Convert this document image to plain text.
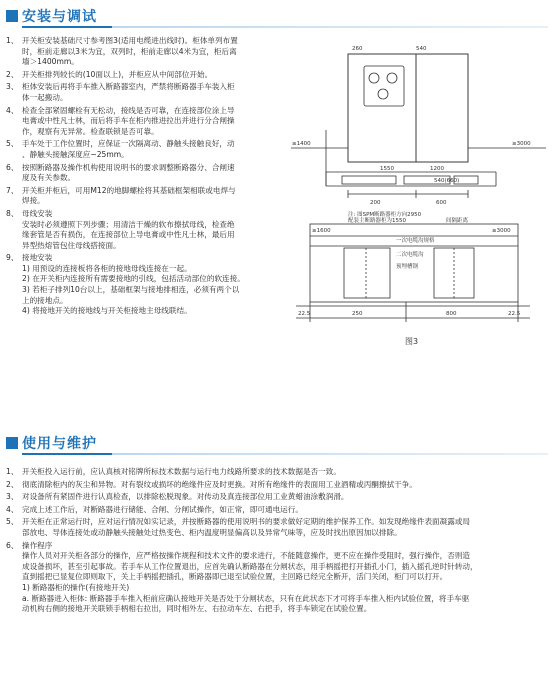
安装与调试
1、 开关柜安装基础尺寸参考图3(适用电缆进出线时)。柜体单列布置
时，柜前走廊以3米为宜，双列时，柜前走廊以4米为宜，柜后离
墙＞1400mm。
2、 开关柜排列较长的(10面以上)，并柜应从中间部位开始。
3、 柜体安装后再将手车推入断路器室内，严禁将断路器手车装入柜
体一起搬动。
4、 检查全部紧固螺栓有无松动，接线是否可靠，在连接部位涂上导
电膏或中性凡士林，而后将手车在柜内推进拉出并进行分合闸操
作，观察有无异常。检查联锁是否可靠。
5、 手车处于工作位置时，应保证一次隔离动、静触头接触良好，动
、静触头接触深度应~25mm。
6、 按照断路器及操作机构使用说明书的要求调整断路器分、合闸速
度及有关参数。
7、 开关柜并柜后，可用M12的地脚螺栓将其基础框架相联或电焊与
焊接。
8、 母线安装
安装时必须遵照下列步骤；用清洁干燥的软布擦拭母线，检查绝
缘套管是否有损伤，在连接部位上导电膏或中性凡士林，最后用
异型热熔管包住母线搭接面。
9、 接地安装
1) 用预设的连接板将各柜的接地母线连接在一起。
2) 在开关柜内连接所有需要接地的引线，包括活动部位的软连接。
3) 若柜子排列10台以上，基础框架与接地排相连，必须有两个以
上的接地点。
4) 将接地开关的接地线与开关柜接地主母线联结。
540
260
1550	1200
≥1400	≥3000
200	600
540(660)
注: 图SPM断路器柜方向2950
配装主断路器柜为1550	间隔距离
≥1600	≥3000
一次电缆沟规格
二次电缆沟
预埋槽钢
22.5	250	800	22.5
图3
使用与维护
1、 开关柜投入运行前，应认真核对铭牌所标技术数据与运行电力线路所要求的技术数据是否一致。
2、 彻底清除柜内的灰尘和异物。对有裂纹或损坏的绝缘件应及时更换。对所有绝缘件的表面用工业酒精或丙酮擦拭干争。
3、 对设备所有紧固件进行认真检查，以排除松脱现象。对传动及真连接部位用工业黄蜡油涂敷润滑。
4、 完成上述工作后，对断路器进行储能、合闸、分闸试操作，如正常，即可通电运行。
5、 开关柜在正常运行时，应对运行情况如实记录，并按断路器的使用说明书的要求做好定期的维护保养工作。如发现绝缘件表面凝露或局
部放电、导体连接处或动静触头接触处过热变色、柜内温度明显偏高以及异常气味等，应及时找出原因加以排除。
6、 操作程序
操作人员对开关柜各部分的操作，应严格按操作规程和技术文件的要求进行，不能随意操作，更不应在操作受阻时，强行操作，否则造
成设备损坏，甚至引起事故。若手车从工作位置退出，应首先确认断路器在分闸状态，用手柄摇把打开插孔小门，插入摇孔逆时针转动，
直到摇把已显复位即则取下，关上手柄摇把插孔，断路器即已退至试验位置，主回路已经完全断开，活门关闭，柜门可以打开。
1) 断路器柜的操作(有接地开关)
a. 断路器进入柜体: 断路器手车推入柜前应确认接地开关是否处于分闸状态，只有在此状态下才可将手车推入柜内试验位置，将手车驱
动机构右侧的接地开关联锁手柄相右拉出，同时相外左、右拉动车左、右把手，将手车锁定在试验位置。
